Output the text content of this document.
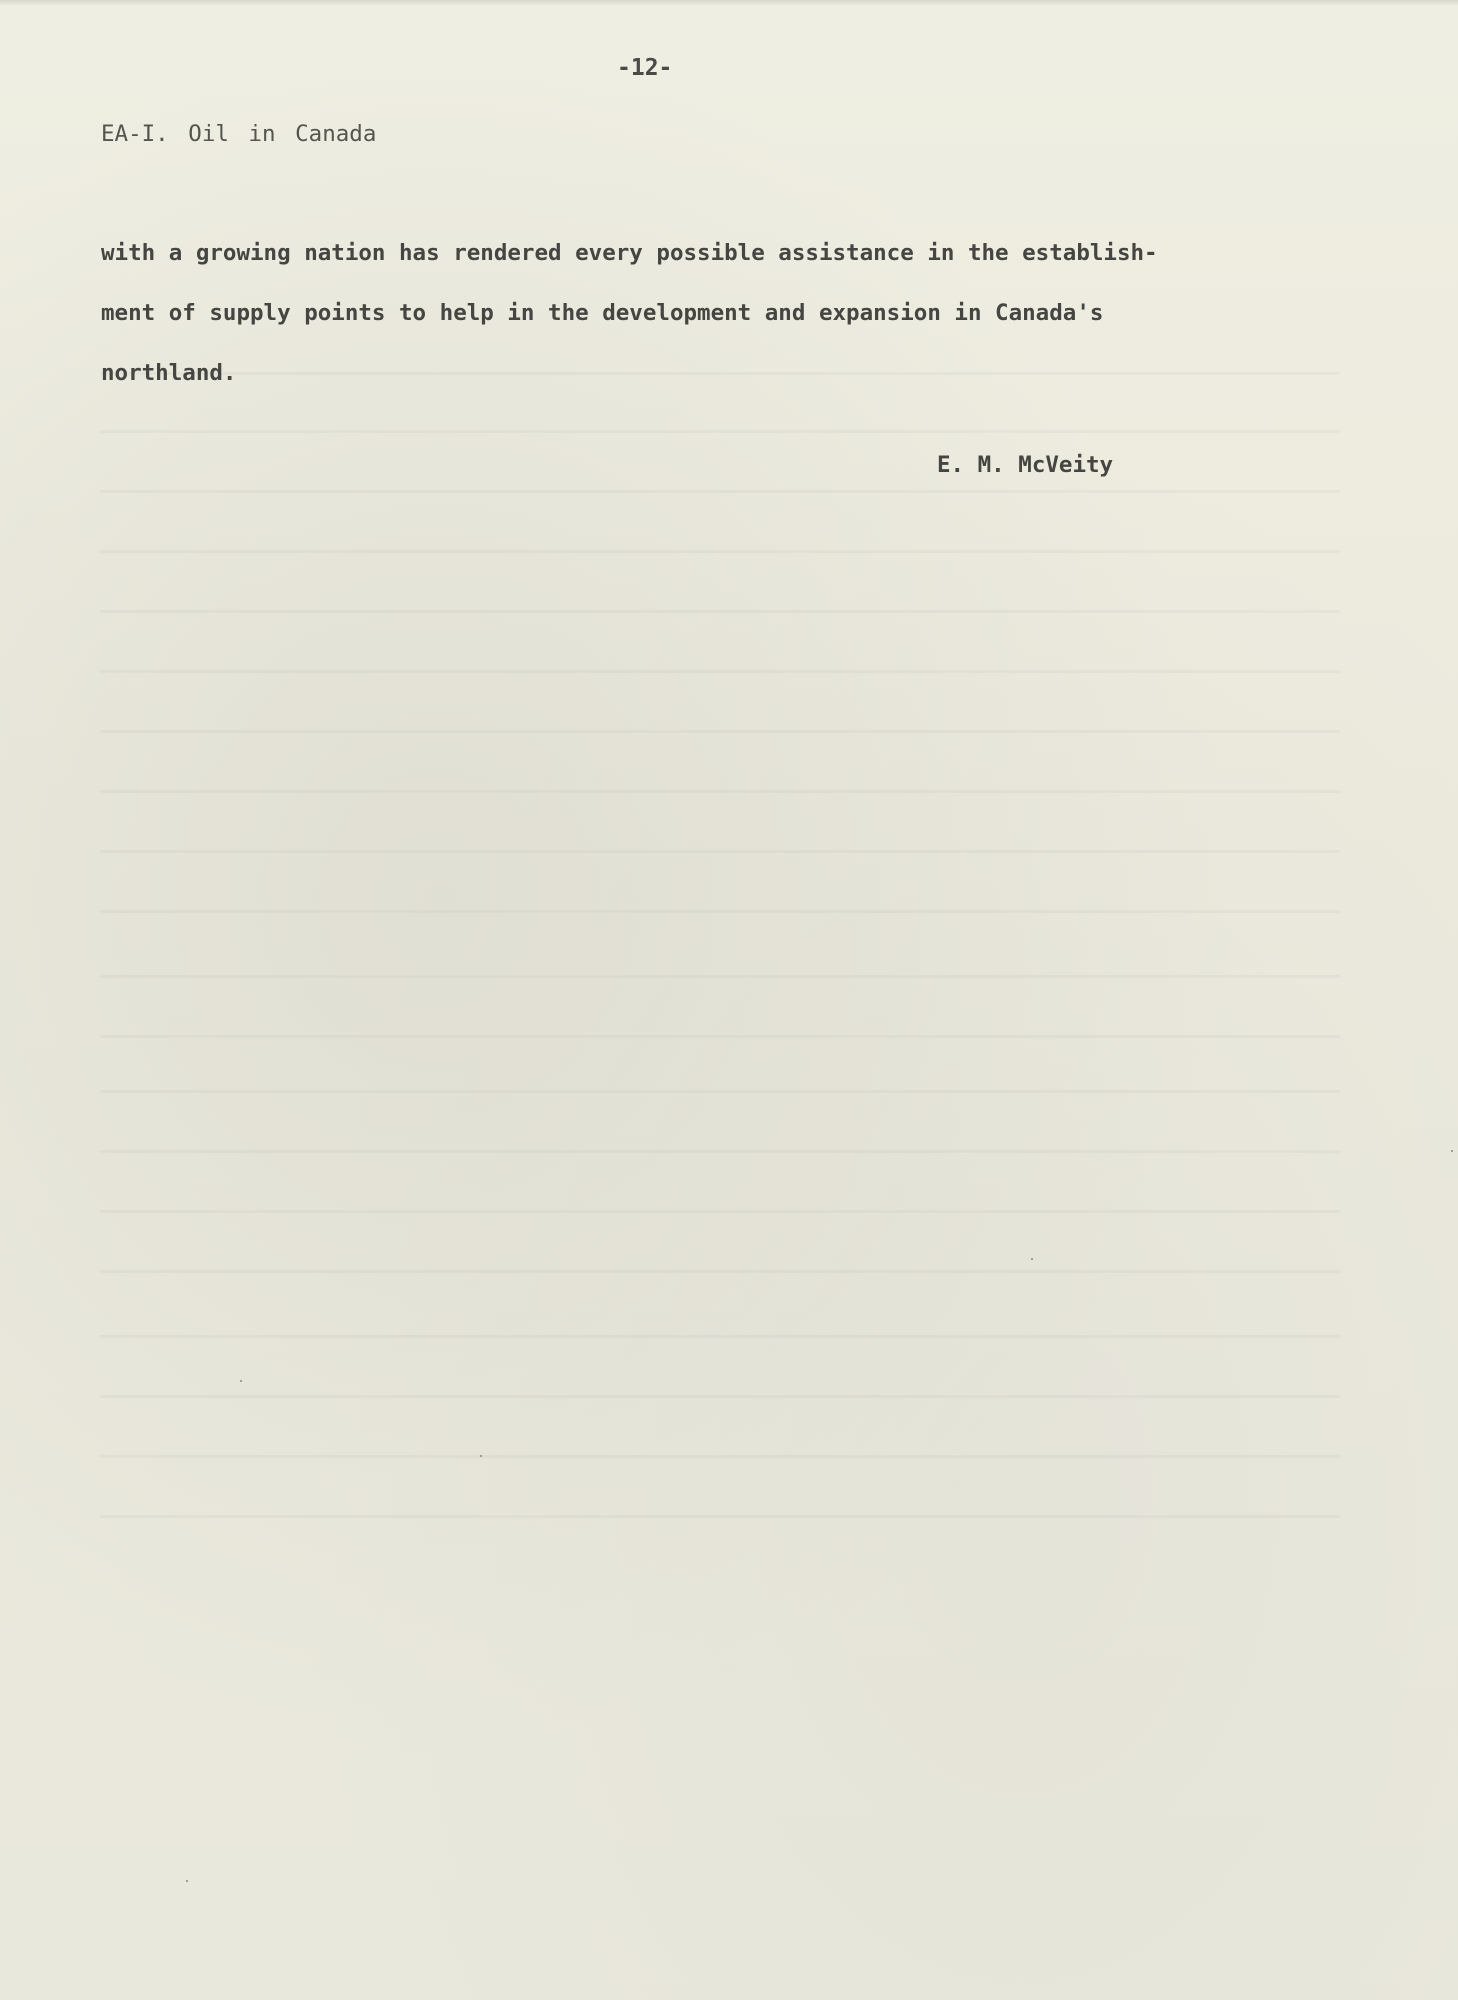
-12-

EA-I. Oil in Canada

with a growing nation has rendered every possible assistance in the establish-

ment of supply points to help in the development and expansion in Canada's

northland.

E. M. McVeity
